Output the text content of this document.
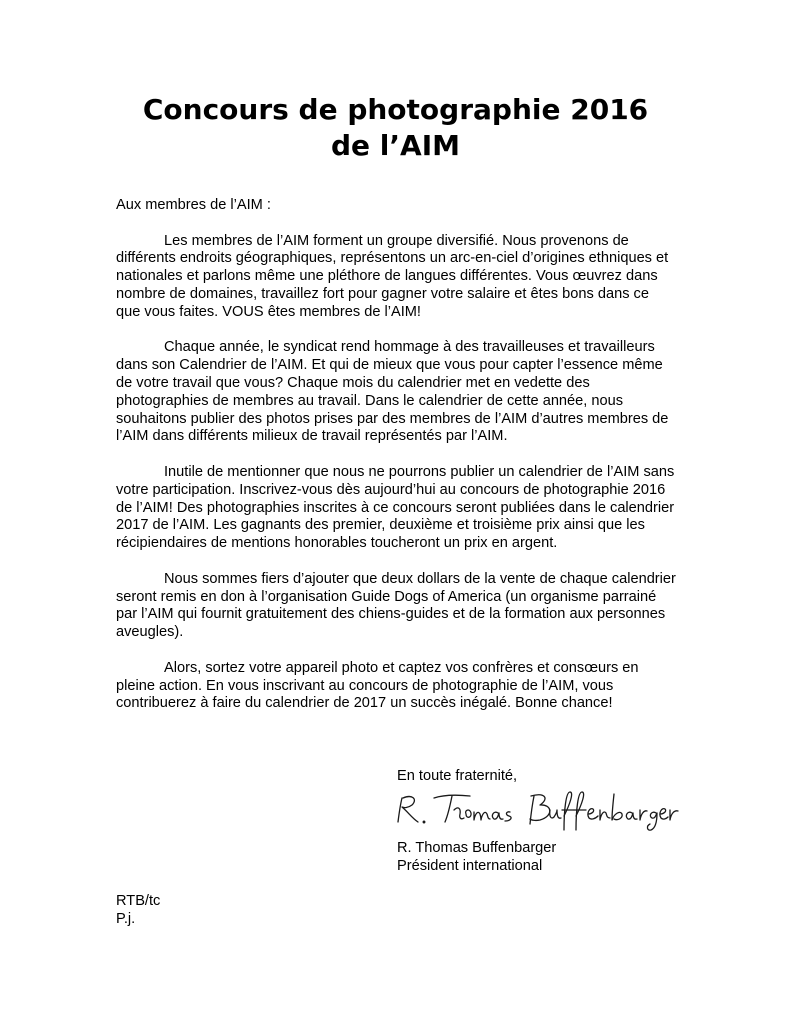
Concours de photographie 2016
de l’AIM

Aux membres de l’AIM :

Les membres de l’AIM forment un groupe diversifié. Nous provenons de différents endroits géographiques, représentons un arc-en-ciel d’origines ethniques et nationales et parlons même une pléthore de langues différentes. Vous œuvrez dans nombre de domaines, travaillez fort pour gagner votre salaire et êtes bons dans ce que vous faites. VOUS êtes membres de l’AIM!

Chaque année, le syndicat rend hommage à des travailleuses et travailleurs dans son Calendrier de l’AIM. Et qui de mieux que vous pour capter l’essence même de votre travail que vous? Chaque mois du calendrier met en vedette des photographies de membres au travail. Dans le calendrier de cette année, nous souhaitons publier des photos prises par des membres de l’AIM d’autres membres de l’AIM dans différents milieux de travail représentés par l’AIM.

Inutile de mentionner que nous ne pourrons publier un calendrier de l’AIM sans votre participation. Inscrivez-vous dès aujourd’hui au concours de photographie 2016 de l’AIM! Des photographies inscrites à ce concours seront publiées dans le calendrier 2017 de l’AIM. Les gagnants des premier, deuxième et troisième prix ainsi que les récipiendaires de mentions honorables toucheront un prix en argent.

Nous sommes fiers d’ajouter que deux dollars de la vente de chaque calendrier seront remis en don à l’organisation Guide Dogs of America (un organisme parrainé par l’AIM qui fournit gratuitement des chiens-guides et de la formation aux personnes aveugles).

Alors, sortez votre appareil photo et captez vos confrères et consœurs en pleine action. En vous inscrivant au concours de photographie de l’AIM, vous contribuerez à faire du calendrier de 2017 un succès inégalé. Bonne chance!

En toute fraternité,
R. Thomas Buffenbarger
Président international
RTB/tc
P.j.
